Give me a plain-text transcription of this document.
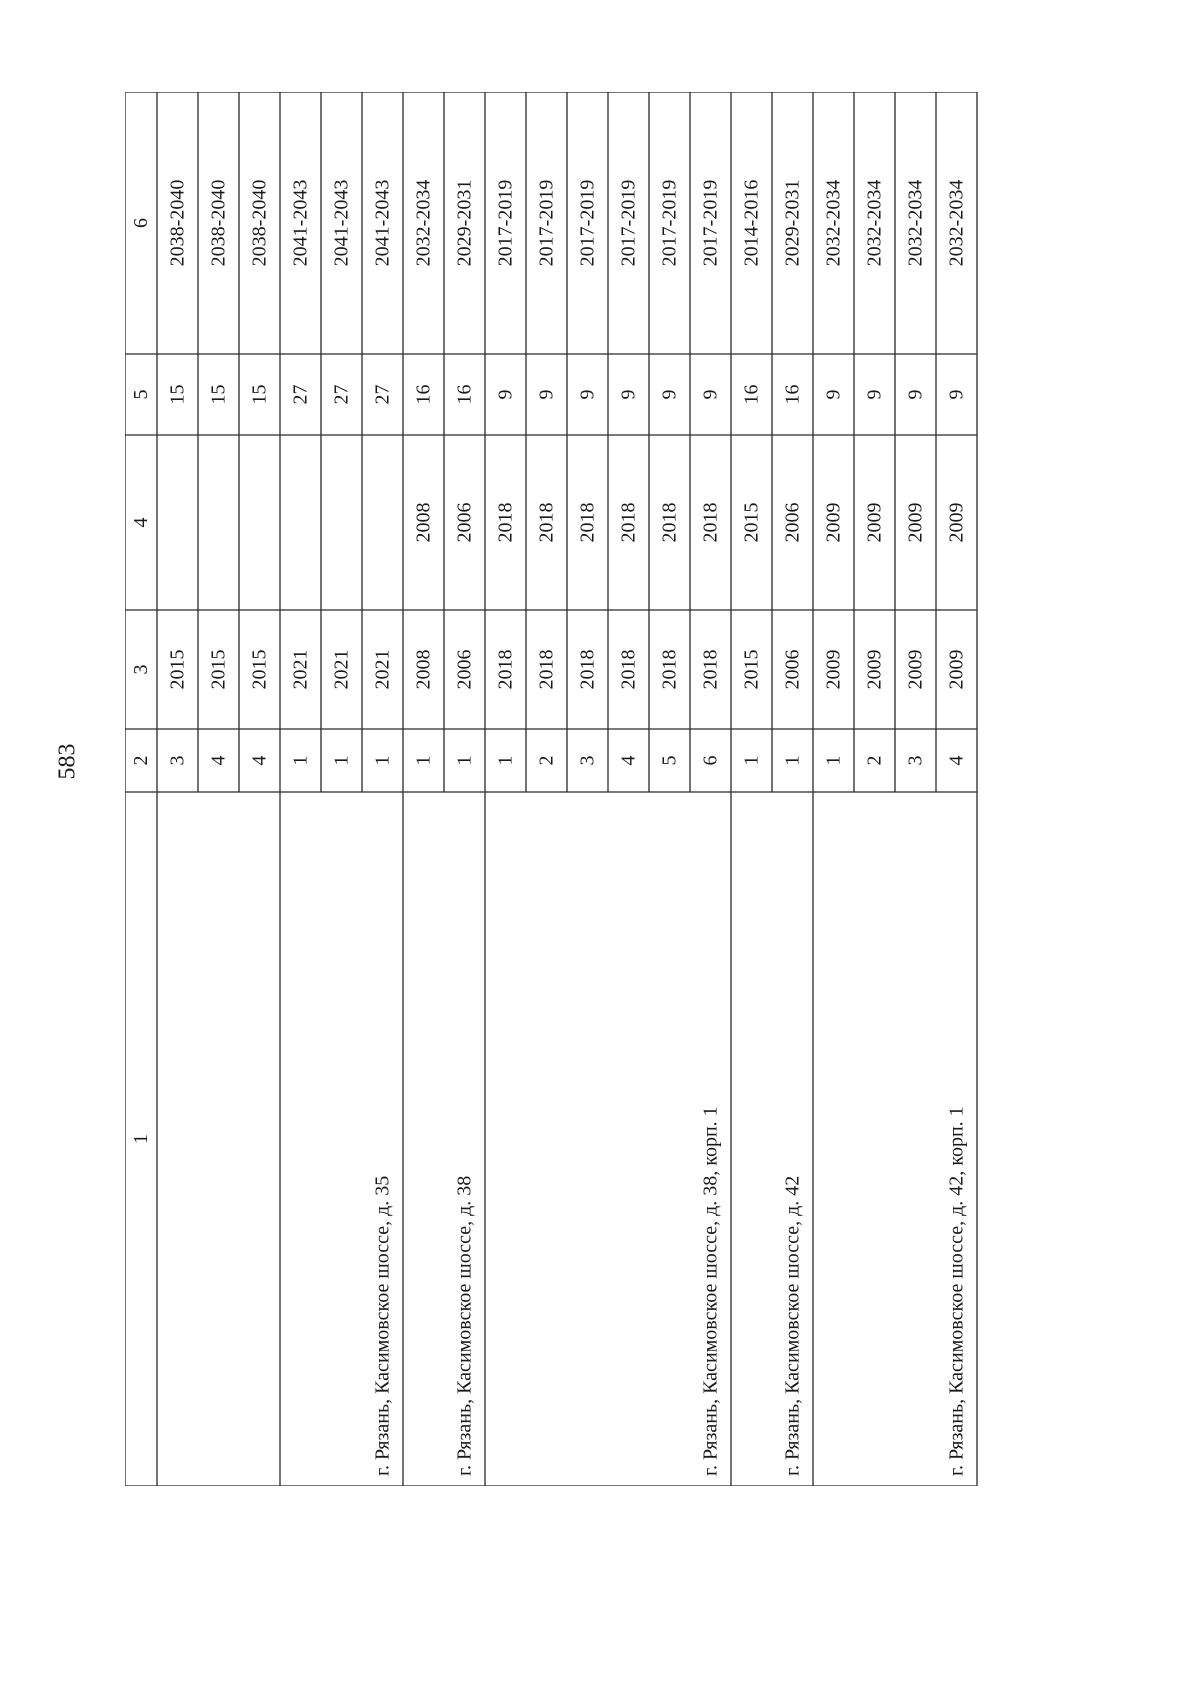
583
1
2
3
4
5
6
3
2015
15
2038-2040
4
2015
15
2038-2040
4
2015
15
2038-2040
1
2021
27
2041-2043
1
2021
27
2041-2043
1
2021
27
2041-2043
г. Рязань, Касимовское шоссе, д. 35
1
2008
2008
16
2032-2034
1
2006
2006
16
2029-2031
г. Рязань, Касимовское шоссе, д. 38
1
2018
2018
9
2017-2019
2
2018
2018
9
2017-2019
3
2018
2018
9
2017-2019
4
2018
2018
9
2017-2019
5
2018
2018
9
2017-2019
6
2018
2018
9
2017-2019
г. Рязань, Касимовское шоссе, д. 38, корп. 1
1
2015
2015
16
2014-2016
1
2006
2006
16
2029-2031
г. Рязань, Касимовское шоссе, д. 42
1
2009
2009
9
2032-2034
2
2009
2009
9
2032-2034
3
2009
2009
9
2032-2034
4
2009
2009
9
2032-2034
г. Рязань, Касимовское шоссе, д. 42, корп. 1
